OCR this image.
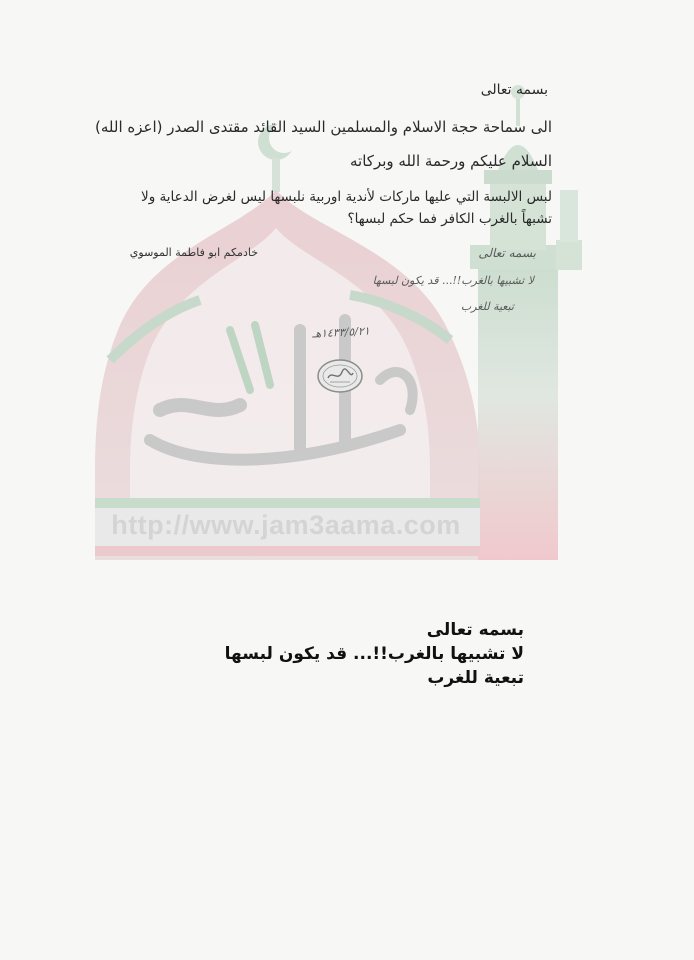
http://www.jam3aama.com
بسمه تعالى
الى سماحة حجة الاسلام والمسلمين السيد القائد مقتدى الصدر (اعزه الله)
السلام عليكم ورحمة الله وبركاته
لبس الالبسة التي عليها ماركات لأندية اوربية نلبسها ليس لغرض الدعاية ولا تشبهاً بالغرب الكافر فما حكم لبسها؟
خادمكم ابو فاطمة الموسوي	بسمه تعالى
لا تشبيها بالغرب!!... قد يكون لبسها
تبعية للغرب
١٤٣٣/٥/٢١هـ
بسمه تعالى
لا تشبيها بالغرب!!... قد يكون لبسها
تبعية للغرب
